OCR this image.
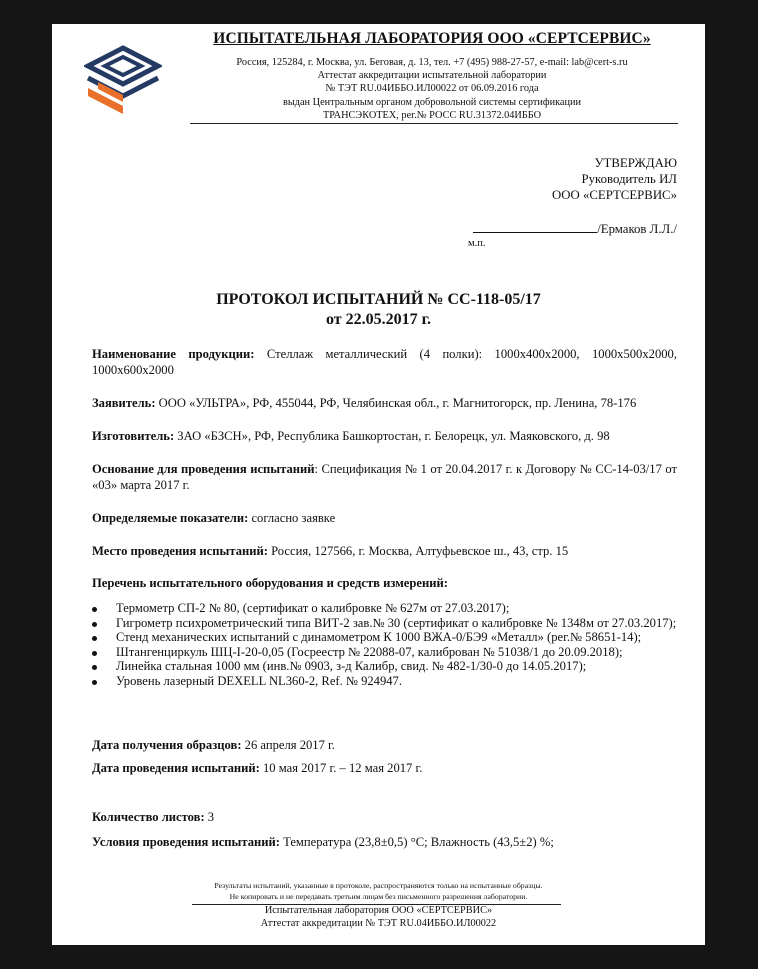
ИСПЫТАТЕЛЬНАЯ ЛАБОРАТОРИЯ ООО «СЕРТСЕРВИС»
Россия, 125284, г. Москва, ул. Беговая, д. 13, тел. +7 (495) 988-27-57, e-mail: lab@cert-s.ru
Аттестат аккредитации испытательной лаборатории
№ ТЭТ RU.04ИББО.ИЛ00022 от 06.09.2016 года
выдан Центральным органом добровольной системы сертификации
ТРАНСЭКОТЕХ, рег.№ РОСС RU.31372.04ИББО
УТВЕРЖДАЮ
Руководитель ИЛ
ООО «СЕРТСЕРВИС»
/Ермаков Л.Л./
м.п.
ПРОТОКОЛ ИСПЫТАНИЙ № СС-118-05/17
от 22.05.2017 г.
Наименование продукции: Стеллаж металлический (4 полки): 1000х400х2000, 1000х500х2000, 1000х600х2000
Заявитель: ООО «УЛЬТРА», РФ, 455044, РФ, Челябинская обл., г. Магнитогорск, пр. Ленина, 78-176
Изготовитель: ЗАО «БЗСН», РФ, Республика Башкортостан, г. Белорецк, ул. Маяковского, д. 98
Основание для проведения испытаний: Спецификация № 1 от 20.04.2017 г. к Договору № СС-14-03/17 от «03» марта 2017 г.
Определяемые показатели: согласно заявке
Место проведения испытаний: Россия, 127566, г. Москва, Алтуфьевское ш., 43, стр. 15
Перечень испытательного оборудования и средств измерений:
Термометр СП-2 № 80, (сертификат о калибровке № 627м от 27.03.2017);
Гигрометр психрометрический типа ВИТ-2 зав.№ 30 (сертификат о калибровке № 1348м от 27.03.2017);
Стенд механических испытаний с динамометром К 1000 ВЖА-0/БЭ9 «Металл» (рег.№ 58651-14);
Штангенциркуль ШЦ-I-20-0,05 (Госреестр № 22088-07, калиброван № 51038/1 до 20.09.2018);
Линейка стальная 1000 мм (инв.№ 0903, з-д Калибр, свид. № 482-1/30-0 до 14.05.2017);
Уровень лазерный DEXELL NL360-2, Ref. № 924947.
Дата получения образцов: 26 апреля 2017 г.
Дата проведения испытаний: 10 мая 2017 г. – 12 мая 2017 г.
Количество листов: 3
Условия проведения испытаний: Температура (23,8±0,5) °С; Влажность (43,5±2) %;
Результаты испытаний, указанные в протоколе, распространяются только на испытанные образцы.
Не копировать и не передавать третьим лицам без письменного разрешения лаборатории.
Испытательная лаборатория ООО «СЕРТСЕРВИС»
Аттестат аккредитации № ТЭТ RU.04ИББО.ИЛ00022
